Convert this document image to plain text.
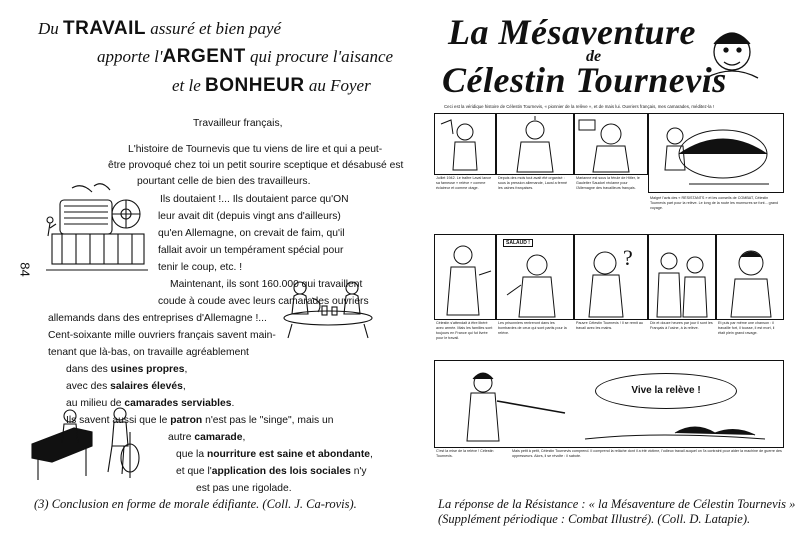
Du TRAVAIL assuré et bien payé
apporte l'ARGENT qui procure l'aisance
et le BONHEUR au Foyer
84
Travailleur français,
L'histoire de Tournevis que tu viens de lire et qui a peut-
être provoqué chez toi un petit sourire sceptique et désabusé est
pourtant celle de bien des travailleurs.
Ils doutaient !... Ils doutaient parce qu'ON
leur avait dit (depuis vingt ans d'ailleurs)
qu'en Allemagne, on crevait de faim, qu'il
fallait avoir un tempérament spécial pour
tenir le coup, etc. !
Maintenant, ils sont 160.000 qui travaillent
coude à coude avec leurs camarades ouvriers
allemands dans des entreprises d'Allemagne !...
Cent-soixante mille ouvriers français savent main-
tenant que là-bas, on travaille agréablement
dans des usines propres,
avec des salaires élevés,
au milieu de camarades serviables.
Ils savent aussi que le patron n'est pas le "singe", mais un
autre camarade,
que la nourriture est saine et abondante,
et que l'application des lois sociales n'y
est pas une rigolade.
(3) Conclusion en forme de morale édifiante. (Coll. J. Ca-rovis).
La Mésaventure
de
Célestin Tournevis
Ceci est la véridique histoire de Célestin Tournevis, « pionnier de la relève », et de mais lui. Ouvriers français, mes camarades, méditez-la !
Juillet 1942. Le traître Laval lance sa fameuse « relève » comme éclaireur et comme otage.
Depuis des mois tout avait été organisé : sous la pression allemande, Laval a fermé les usines françaises.
Marianne est sous la férule de Hitler, le Gauleiter Sauckel réclame pour l'Allemagne des travailleurs français.
Malgré l'avis des « RÉSISTANTS » et les conseils de COMBAT, Célestin Tournevis part pour la relève. Le long de la route les murmures se font... grand voyage.
SALAUD !
?
Célestin s'attendait à être libéré avec armée. Mais les familles sont toujours en France qui fut livrée pour le travail.
Les prisonniers rentreront dans les bombardes de ceux qui sont partis pour la relève.
Pauvre Célestin Tournevis ! Il se remit au travail avec les mains.
Dix et douze heures par jour il sont les Français à l'usine, à la relève.
Et puis par même une chanson : il travaille fort, il tousse, il est mort, il était plein grand ravage.
Vive la relève !
C'est la mise de la relève ! Célestin Tournevis.
Mais petit à petit, Célestin Tournevis comprend. Il comprend la relâche dont il a été victime, l'odieux travail auquel on l'a contraint pour aider la machine de guerre des oppresseurs. Alors, il se révolte : il sabote.
La réponse de la Résistance : « la Mésaventure de Célestin Tournevis » (Supplément périodique : Combat Illustré). (Coll. D. Latapie).
